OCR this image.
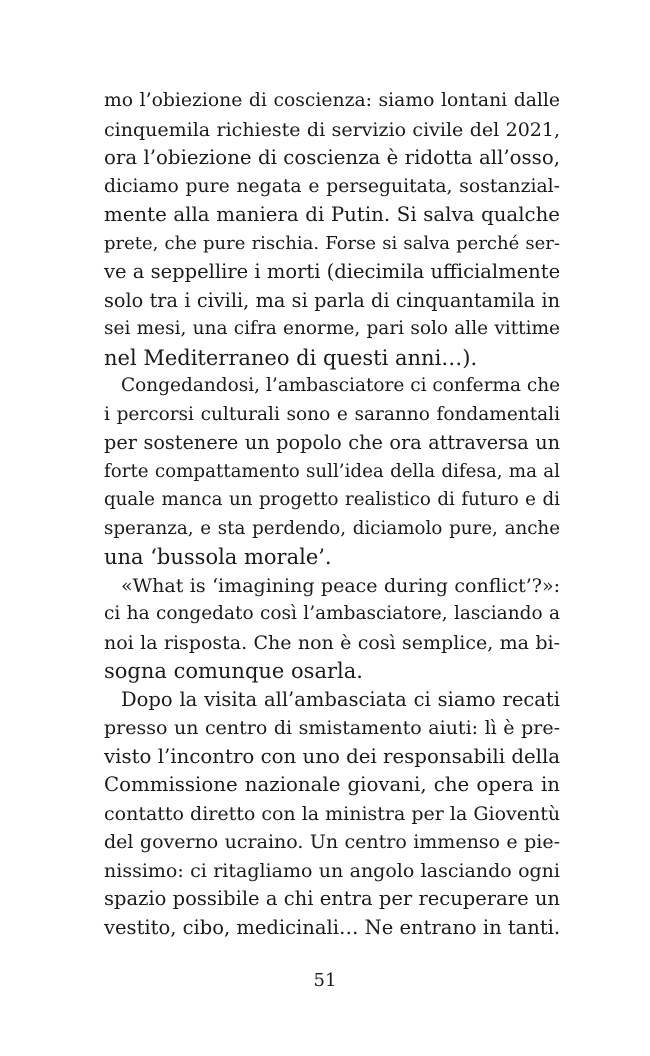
mo l’obiezione di coscienza: siamo lontani dalle
cinquemila richieste di servizio civile del 2021,
ora l’obiezione di coscienza è ridotta all’osso,
diciamo pure negata e perseguitata, sostanzial-
mente alla maniera di Putin. Si salva qualche
prete, che pure rischia. Forse si salva perché ser-
ve a seppellire i morti (diecimila ufficialmente
solo tra i civili, ma si parla di cinquantamila in
sei mesi, una cifra enorme, pari solo alle vittime
nel Mediterraneo di questi anni…).
Congedandosi, l’ambasciatore ci conferma che
i percorsi culturali sono e saranno fondamentali
per sostenere un popolo che ora attraversa un
forte compattamento sull’idea della difesa, ma al
quale manca un progetto realistico di futuro e di
speranza, e sta perdendo, diciamolo pure, anche
una ‘bussola morale’.
«What is ‘imagining peace during conflict’?»:
ci ha congedato così l’ambasciatore, lasciando a
noi la risposta. Che non è così semplice, ma bi-
sogna comunque osarla.
Dopo la visita all’ambasciata ci siamo recati
presso un centro di smistamento aiuti: lì è pre-
visto l’incontro con uno dei responsabili della
Commissione nazionale giovani, che opera in
contatto diretto con la ministra per la Gioventù
del governo ucraino. Un centro immenso e pie-
nissimo: ci ritagliamo un angolo lasciando ogni
spazio possibile a chi entra per recuperare un
vestito, cibo, medicinali… Ne entrano in tanti.
51
